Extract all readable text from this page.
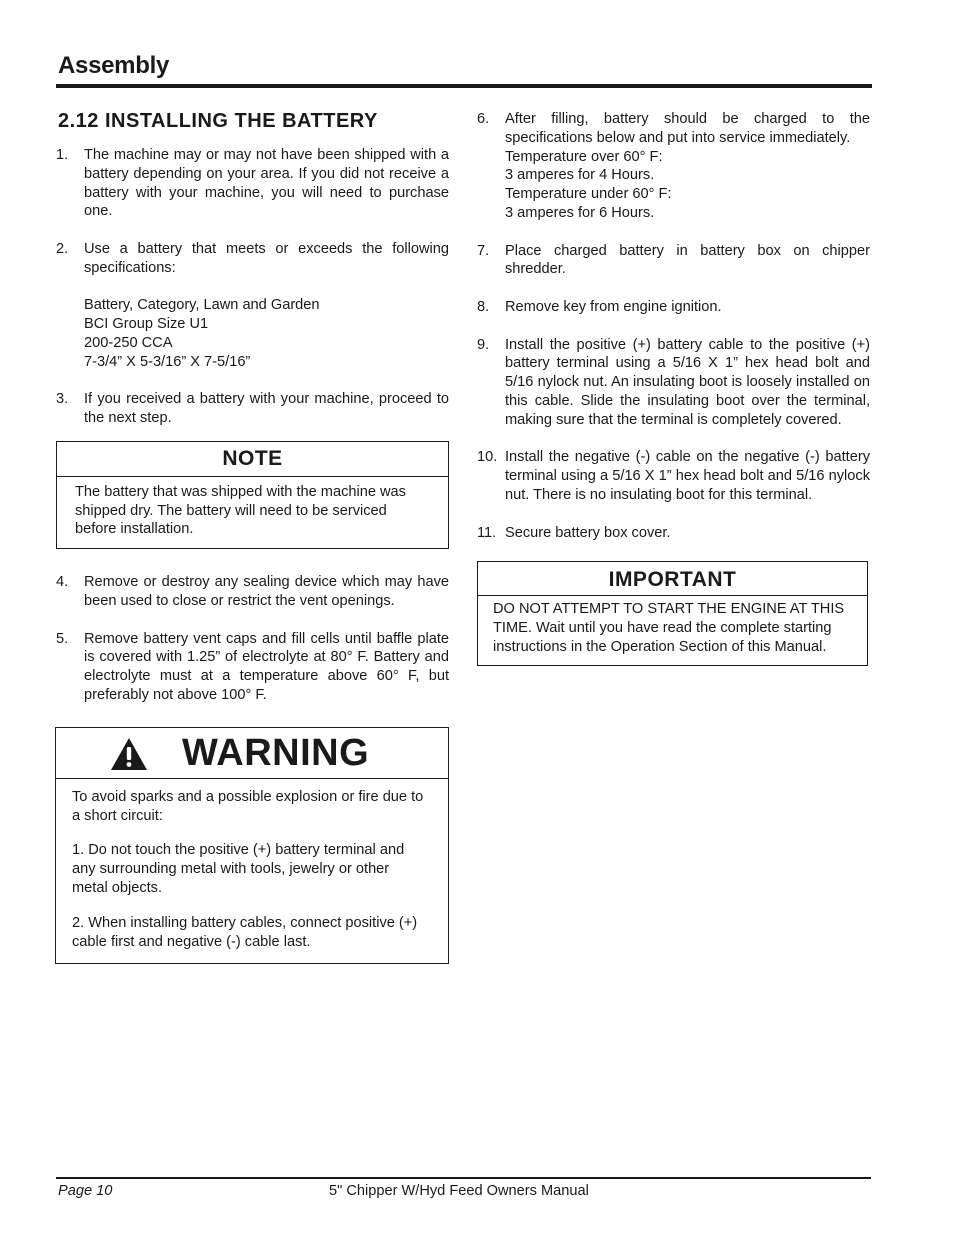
Assembly
2.12 INSTALLING THE BATTERY
1.	The machine may or may not have been shipped with a battery depending on your area. If you did not receive a battery with your machine, you will need to purchase one.
2.	Use a battery that meets or exceeds the following specifications:
Battery, Category, Lawn and Garden
BCI Group Size U1
200-250 CCA
7-3/4” X 5-3/16” X 7-5/16”
3.	If you received a battery with your machine, proceed to the next step.
NOTE
The battery that was shipped with the machine was shipped dry. The battery will need to be serviced before installation.
4.	Remove or destroy any sealing device which may have been used to close or restrict the vent openings.
5.	Remove battery vent caps and fill cells until baffle plate is covered with 1.25” of electrolyte at 80° F. Battery and electrolyte must at a temperature above 60° F, but preferably not above 100° F.
WARNING

To avoid sparks and a possible explosion or fire due to a short circuit:

1. Do not touch the positive (+) battery terminal and any surrounding metal with tools, jewelry or other metal objects.

2. When installing battery cables, connect positive (+) cable first and negative (-) cable last.

6.	After filling, battery should be charged to the specifications below and put into service immediately.
Temperature over 60° F:
3 amperes for 4 Hours.
Temperature under 60° F:
3 amperes for 6 Hours.
7.	Place charged battery in battery box on chipper shredder.
8.	Remove key from engine ignition.
9.	Install the positive (+) battery cable to the positive (+) battery terminal using a 5/16 X 1” hex head bolt and 5/16 nylock nut. An insulating boot is loosely installed on this cable. Slide the insulating boot over the terminal, making sure that the terminal is completely covered.
10. Install the negative (-) cable on the negative (-) battery terminal using a 5/16 X 1” hex head bolt and 5/16 nylock nut. There is no insulating boot for this terminal.
11. Secure battery box cover.
IMPORTANT
DO NOT ATTEMPT TO START THE ENGINE AT THIS TIME. Wait until you have read the complete starting instructions in the Operation Section of this Manual.
Page 10	5" Chipper W/Hyd Feed Owners Manual
